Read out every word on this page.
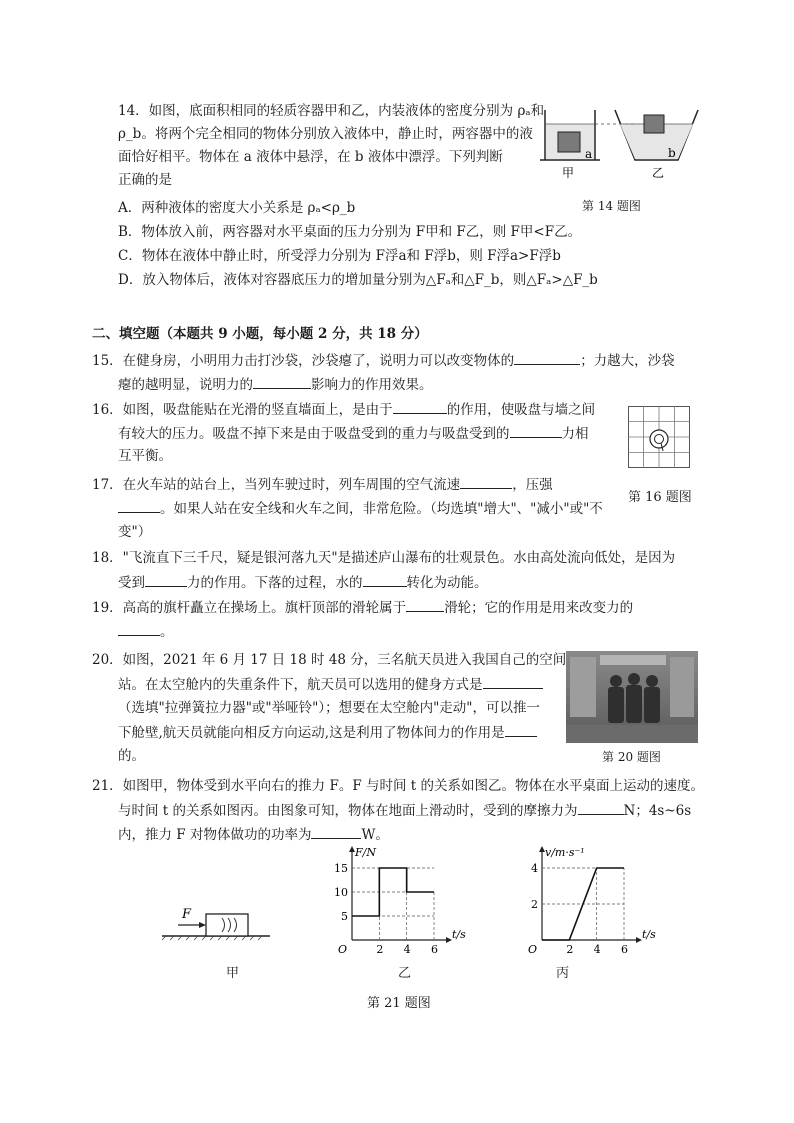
14．如图，底面积相同的轻质容器甲和乙，内装液体的密度分别为 ρₐ和
ρ_b。将两个完全相同的物体分别放入液体中，静止时，两容器中的液
面恰好相平。物体在 a 液体中悬浮，在 b 液体中漂浮。下列判断
正确的是
A．两种液体的密度大小关系是 ρₐ<ρ_b
B．物体放入前，两容器对水平桌面的压力分别为 F甲和 F乙，则 F甲<F乙。
C．物体在液体中静止时，所受浮力分别为 F浮a和 F浮b，则 F浮a>F浮b
D．放入物体后，液体对容器底压力的增加量分别为△Fₐ和△F_b，则△Fₐ>△F_b
a	b
甲	乙
第 14 题图
二、填空题（本题共 9 小题，每小题 2 分，共 18 分）
15．在健身房，小明用力击打沙袋，沙袋瘪了，说明力可以改变物体的	；力越大，沙袋
瘪的越明显，说明力的	影响力的作用效果。
16．如图，吸盘能贴在光滑的竖直墙面上，是由于	的作用，使吸盘与墙之间
有较大的压力。吸盘不掉下来是由于吸盘受到的重力与吸盘受到的	力相
互平衡。
第 16 题图
17．在火车站的站台上，当列车驶过时，列车周围的空气流速	，压强
。如果人站在安全线和火车之间，非常危险。（均选填"增大"、"减小"或"不
变"）
18．"飞流直下三千尺，疑是银河落九天"是描述庐山瀑布的壮观景色。水由高处流向低处，是因为
受到	力的作用。下落的过程，水的	转化为动能。
19．高高的旗杆矗立在操场上。旗杆顶部的滑轮属于	滑轮；它的作用是用来改变力的
。
20．如图，2021 年 6 月 17 日 18 时 48 分，三名航天员进入我国自己的空间
站。在太空舱内的失重条件下，航天员可以选用的健身方式是
（选填"拉弹簧拉力器"或"举哑铃"）；想要在太空舱内"走动"，可以推一
下舱壁,航天员就能向相反方向运动,这是利用了物体间力的作用是
的。	第 20 题图
21．如图甲，物体受到水平向右的推力 F。F 与时间 t 的关系如图乙。物体在水平桌面上运动的速度。
与时间 t 的关系如图丙。由图象可知，物体在地面上滑动时，受到的摩擦力为	N；4s~6s
内，推力 F 对物体做功的功率为	W。
F
甲
t/s
F/N
O	2 4 6
5
10
15
乙
t/s
v/m·s⁻¹
O	2 4 6
2
4
丙
第 21 题图
